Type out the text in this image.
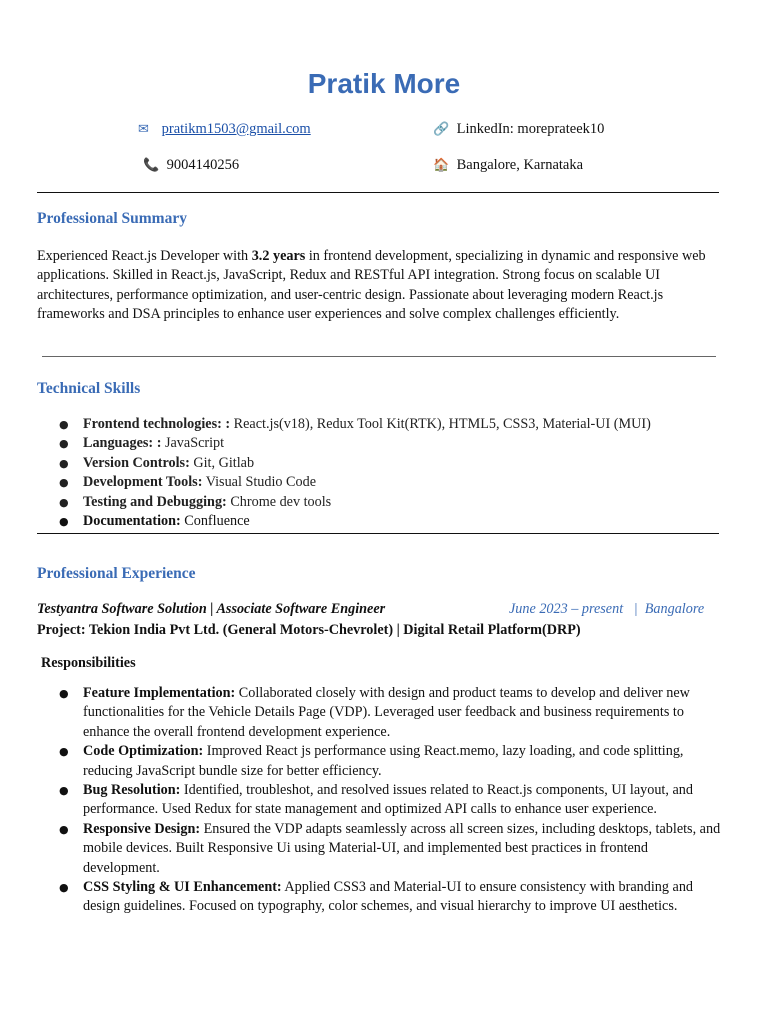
Pratik More
✉ pratikm1503@gmail.com	🔗 LinkedIn: moreprateek10
📞 9004140256	🏠 Bangalore, Karnataka
Professional Summary
Experienced React.js Developer with 3.2 years in frontend development, specializing in dynamic and responsive web applications. Skilled in React.js, JavaScript, Redux and RESTful API integration. Strong focus on scalable UI architectures, performance optimization, and user-centric design. Passionate about leveraging modern React.js frameworks and DSA principles to enhance user experiences and solve complex challenges efficiently.
Technical Skills
● Frontend technologies: : React.js(v18), Redux Tool Kit(RTK), HTML5, CSS3, Material-UI (MUI)
● Languages: : JavaScript
● Version Controls: Git, Gitlab
● Development Tools: Visual Studio Code
● Testing and Debugging: Chrome dev tools
● Documentation: Confluence
Professional Experience
Testyantra Software Solution | Associate Software Engineer	June 2023 – present   |  Bangalore
Project: Tekion India Pvt Ltd. (General Motors-Chevrolet) | Digital Retail Platform(DRP)
Responsibilities
● Feature Implementation: Collaborated closely with design and product teams to develop and deliver new functionalities for the Vehicle Details Page (VDP). Leveraged user feedback and business requirements to enhance the overall frontend development experience.
● Code Optimization: Improved React js performance using React.memo, lazy loading, and code splitting, reducing JavaScript bundle size for better efficiency.
● Bug Resolution: Identified, troubleshot, and resolved issues related to React.js components, UI layout, and performance. Used Redux for state management and optimized API calls to enhance user experience.
● Responsive Design: Ensured the VDP adapts seamlessly across all screen sizes, including desktops, tablets, and mobile devices. Built Responsive Ui using Material-UI, and implemented best practices in frontend development.
● CSS Styling & UI Enhancement: Applied CSS3 and Material-UI to ensure consistency with branding and design guidelines. Focused on typography, color schemes, and visual hierarchy to improve UI aesthetics.
